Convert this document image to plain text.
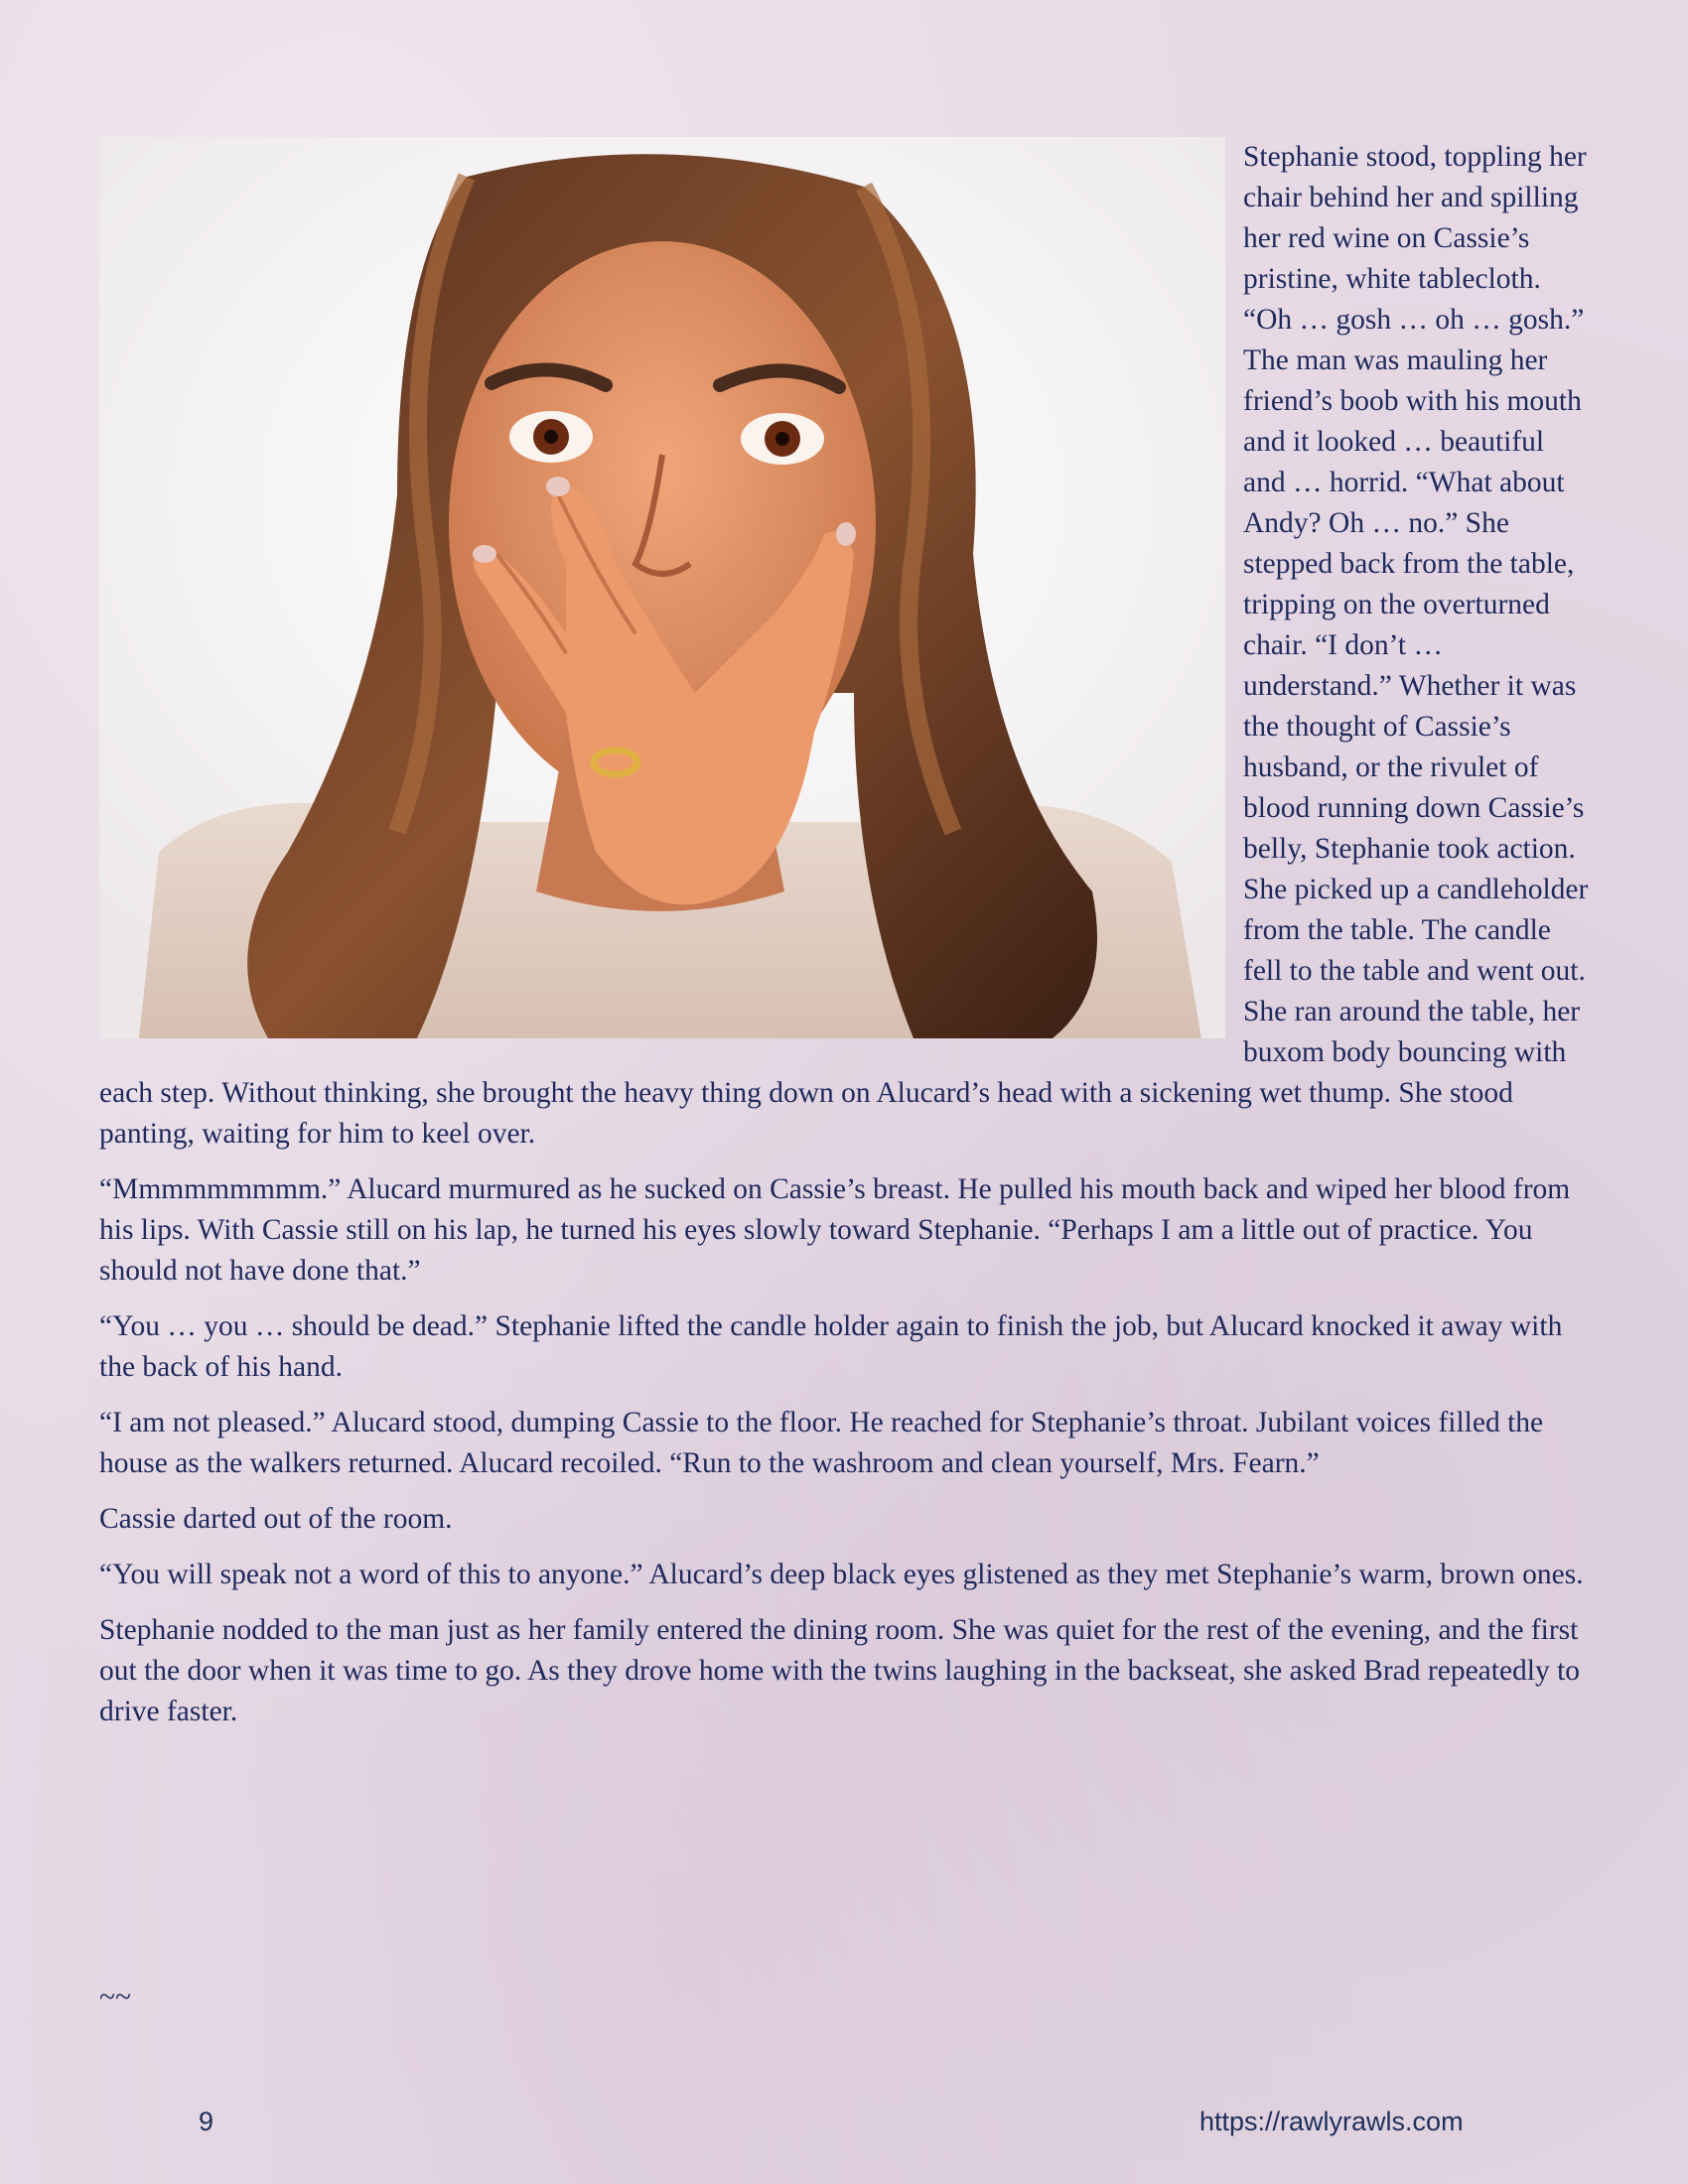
Stephanie stood, toppling her chair behind her and spilling her red wine on Cassie’s pristine, white tablecloth. “Oh … gosh … oh … gosh.” The man was mauling her friend’s boob with his mouth and it looked … beautiful and … horrid. “What about Andy? Oh … no.” She stepped back from the table, tripping on the overturned chair. “I don’t … understand.” Whether it was the thought of Cassie’s husband, or the rivulet of blood running down Cassie’s belly, Stephanie took action. She picked up a candleholder from the table. The candle fell to the table and went out. She ran around the table, her buxom body bouncing with each step. Without thinking, she brought the heavy thing down on Alucard’s head with a sickening wet thump. She stood panting, waiting for him to keel over.

“Mmmmmmmmm.” Alucard murmured as he sucked on Cassie’s breast. He pulled his mouth back and wiped her blood from his lips. With Cassie still on his lap, he turned his eyes slowly toward Stephanie. “Perhaps I am a little out of practice. You should not have done that.”

“You … you … should be dead.” Stephanie lifted the candle holder again to finish the job, but Alucard knocked it away with the back of his hand.

“I am not pleased.” Alucard stood, dumping Cassie to the floor. He reached for Stephanie’s throat. Jubilant voices filled the house as the walkers returned. Alucard recoiled. “Run to the washroom and clean yourself, Mrs. Fearn.”

Cassie darted out of the room.

“You will speak not a word of this to anyone.” Alucard’s deep black eyes glistened as they met Stephanie’s warm, brown ones.

Stephanie nodded to the man just as her family entered the dining room. She was quiet for the rest of the evening, and the first out the door when it was time to go. As they drove home with the twins laughing in the backseat, she asked Brad repeatedly to drive faster.

~~
9	https://rawlyrawls.com
